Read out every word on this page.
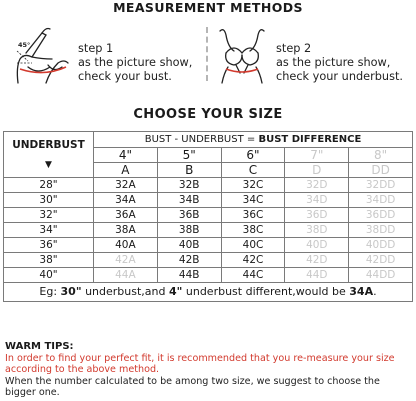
MEASUREMENT METHODS
45°	step 1
as the picture show,
check your bust.
step 2
as the picture show,
check your underbust.
CHOOSE YOUR SIZE
UNDERBUST
▼	BUST - UNDERBUST = BUST DIFFERENCE				
	4"	5"	6"	7"	8"
	A	B	C	D	DD
28"	32A	32B	32C	32D	32DD
30"	34A	34B	34C	34D	34DD
32"	36A	36B	36C	36D	36DD
34"	38A	38B	38C	38D	38DD
36"	40A	40B	40C	40D	40DD
38"	42A	42B	42C	42D	42DD
40"	44A	44B	44C	44D	44DD
Eg: 30" underbust,and 4" underbust different,would be 34A.					
WARM TIPS:
In order to find your perfect fit, it is recommended that you re-measure your size according to the above method.
When the number calculated to be among two size, we suggest to choose the bigger one.
